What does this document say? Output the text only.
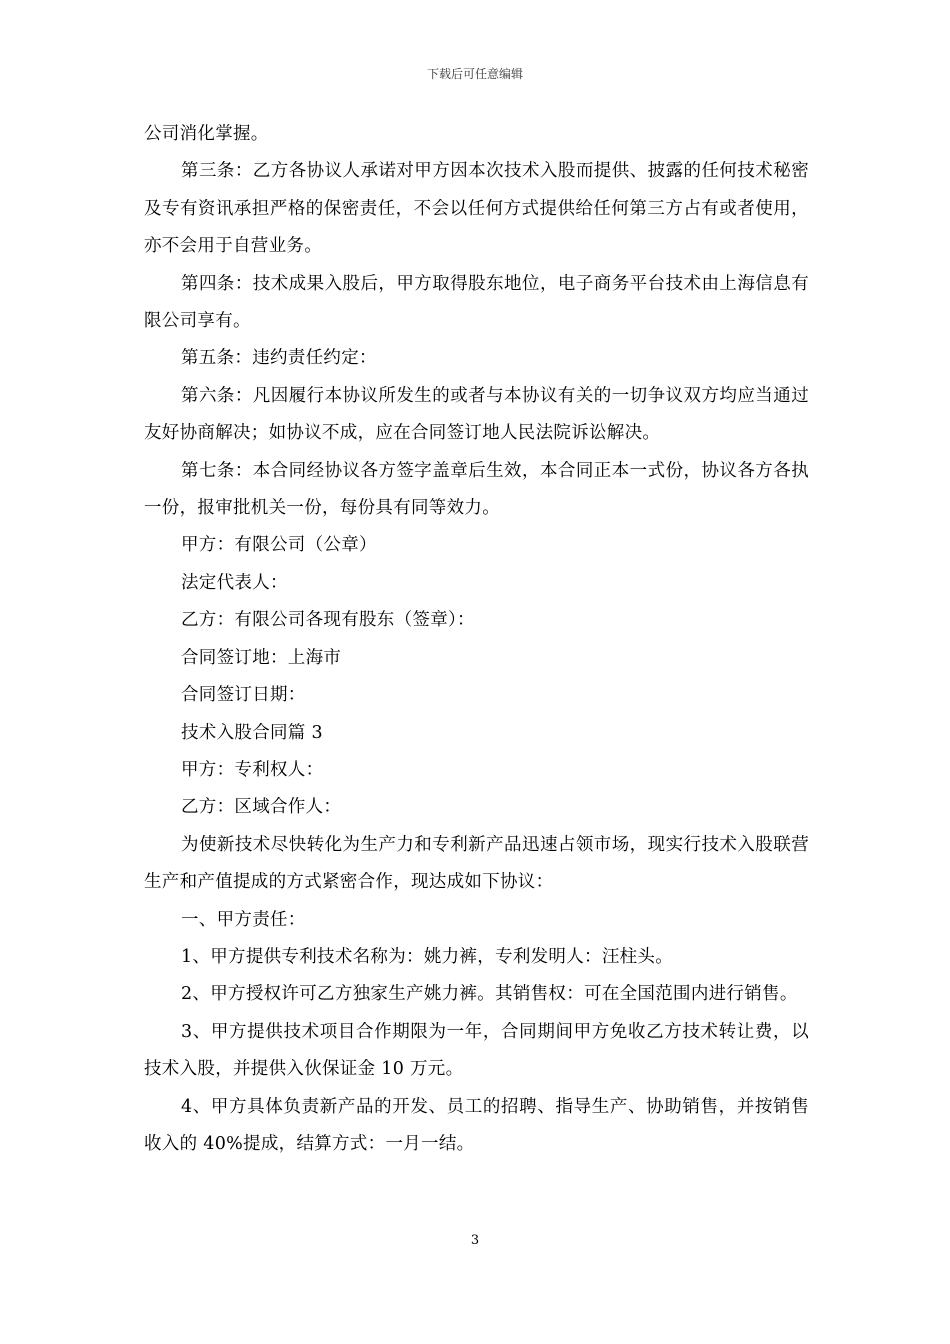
下载后可任意编辑

公司消化掌握。

第三条：乙方各协议人承诺对甲方因本次技术入股而提供、披露的任何技术秘密及专有资讯承担严格的保密责任，不会以任何方式提供给任何第三方占有或者使用，亦不会用于自营业务。

第四条：技术成果入股后，甲方取得股东地位，电子商务平台技术由上海信息有限公司享有。

第五条：违约责任约定：

第六条：凡因履行本协议所发生的或者与本协议有关的一切争议双方均应当通过友好协商解决；如协议不成，应在合同签订地人民法院诉讼解决。

第七条：本合同经协议各方签字盖章后生效，本合同正本一式份，协议各方各执一份，报审批机关一份，每份具有同等效力。

甲方：有限公司（公章）

法定代表人：

乙方：有限公司各现有股东（签章）：

合同签订地：上海市

合同签订日期：

技术入股合同篇 3

甲方：专利权人：

乙方：区域合作人：

为使新技术尽快转化为生产力和专利新产品迅速占领市场，现实行技术入股联营生产和产值提成的方式紧密合作，现达成如下协议：

一、甲方责任：

1、甲方提供专利技术名称为：姚力裤，专利发明人：汪柱头。

2、甲方授权许可乙方独家生产姚力裤。其销售权：可在全国范围内进行销售。

3、甲方提供技术项目合作期限为一年，合同期间甲方免收乙方技术转让费，以技术入股，并提供入伙保证金 10 万元。

4、甲方具体负责新产品的开发、员工的招聘、指导生产、协助销售，并按销售收入的 40%提成，结算方式：一月一结。

3
